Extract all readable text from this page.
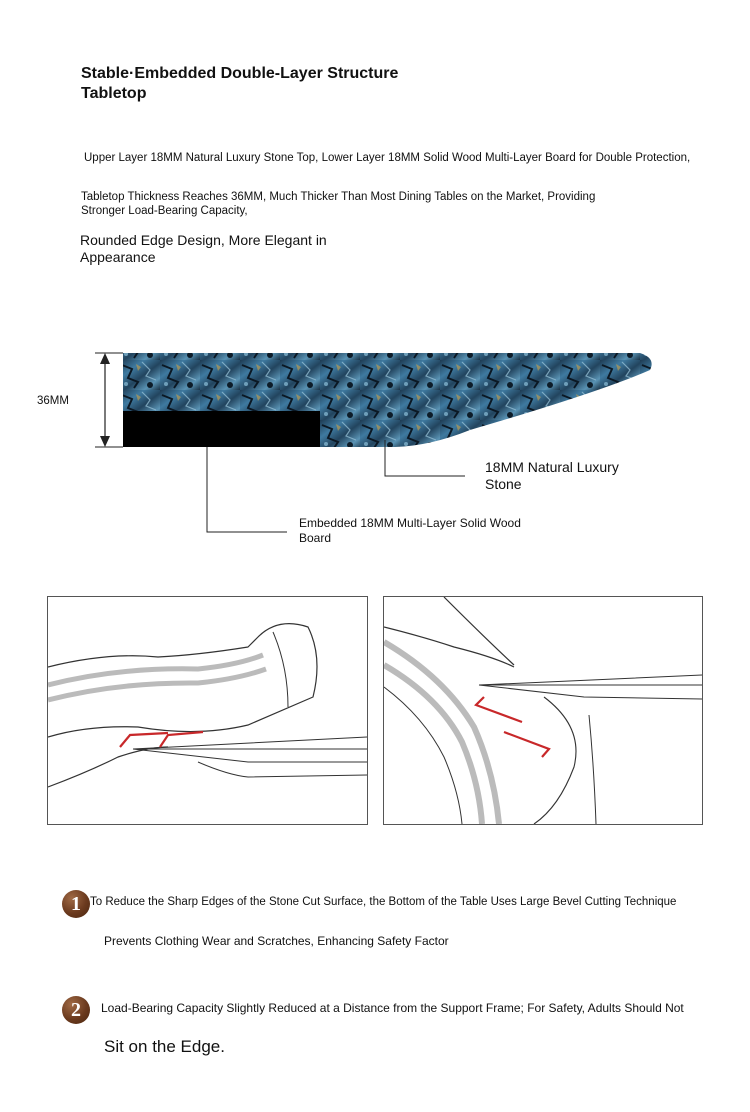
Stable·Embedded Double-Layer Structure Tabletop
Upper Layer 18MM Natural Luxury Stone Top, Lower Layer 18MM Solid Wood Multi-Layer Board for Double Protection,
Tabletop Thickness Reaches 36MM, Much Thicker Than Most Dining Tables on the Market, Providing Stronger Load-Bearing Capacity,
Rounded Edge Design, More Elegant in Appearance
36MM
18MM Natural Luxury Stone
Embedded 18MM Multi-Layer Solid Wood Board
1 To Reduce the Sharp Edges of the Stone Cut Surface, the Bottom of the Table Uses Large Bevel Cutting Technique
Prevents Clothing Wear and Scratches, Enhancing Safety Factor
2	Load-Bearing Capacity Slightly Reduced at a Distance from the Support Frame; For Safety, Adults Should Not
Sit on the Edge.
